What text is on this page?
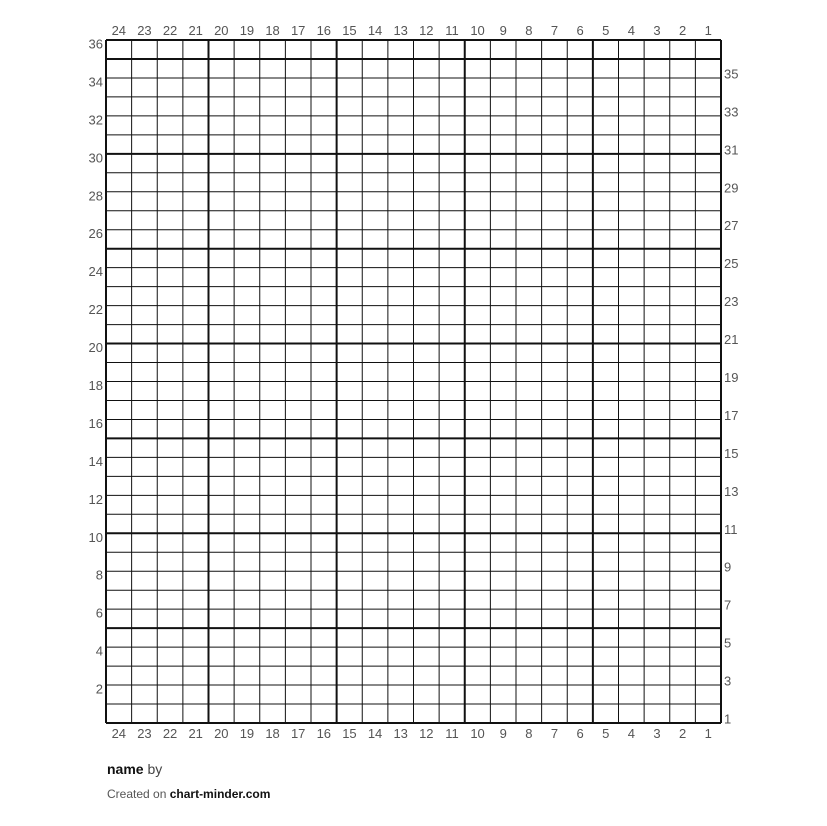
24 23 22 21 20 19 18 17 16 15 14 13 12 11 10 9 8 7 6 5 4 3 2 1
24 23 22 21 20 19 18 17 16 15 14 13 12 11 10 9 8 7 6 5 4 3 2 1
36
34
32
30
28
26
24
22
20
18
16
14
12
10
8
6
4
2
35
33
31
29
27
25
23
21
19
17
15
13
11
9
7
5
3
1
name by
Created on chart-minder.com
